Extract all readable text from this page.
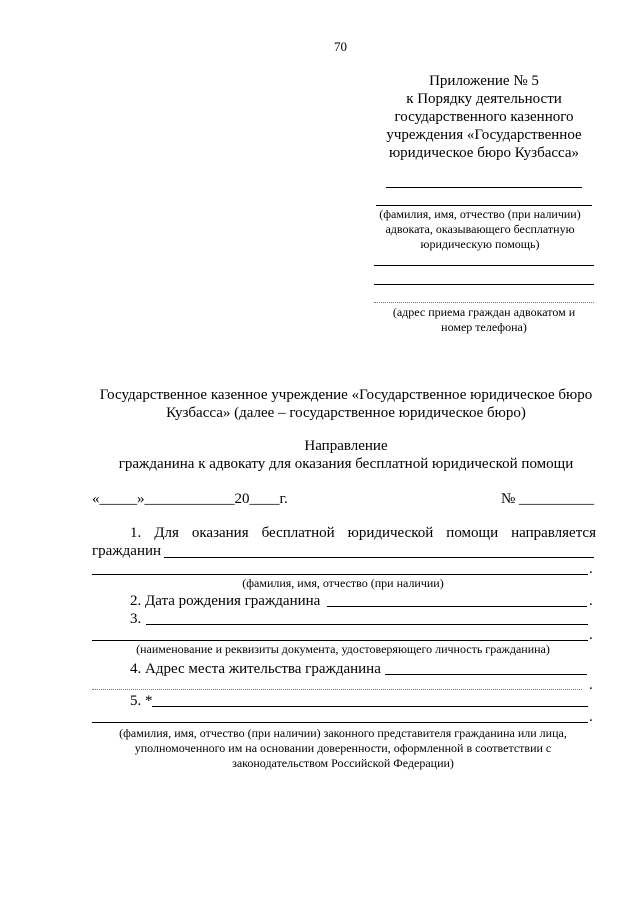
70
Приложение № 5
к Порядку деятельности
государственного казенного
учреждения «Государственное
юридическое бюро Кузбасса»
(фамилия, имя, отчество (при наличии)
адвоката, оказывающего бесплатную
юридическую помощь)
(адрес приема граждан адвокатом и
номер телефона)
Государственное казенное учреждение «Государственное юридическое бюро
Кузбасса» (далее – государственное юридическое бюро)
Направление
гражданина к адвокату для оказания бесплатной юридической помощи
«_____»____________20____г.	№ __________
1. Для оказания бесплатной юридической помощи направляется
гражданин
.
(фамилия, имя, отчество (при наличии)
2. Дата рождения гражданина	.
3.
.
(наименование и реквизиты документа, удостоверяющего личность гражданина)
4. Адрес места жительства гражданина
.
5. *
.
(фамилия, имя, отчество (при наличии) законного представителя гражданина или лица,
уполномоченного им на основании доверенности, оформленной в соответствии с
законодательством Российской Федерации)
